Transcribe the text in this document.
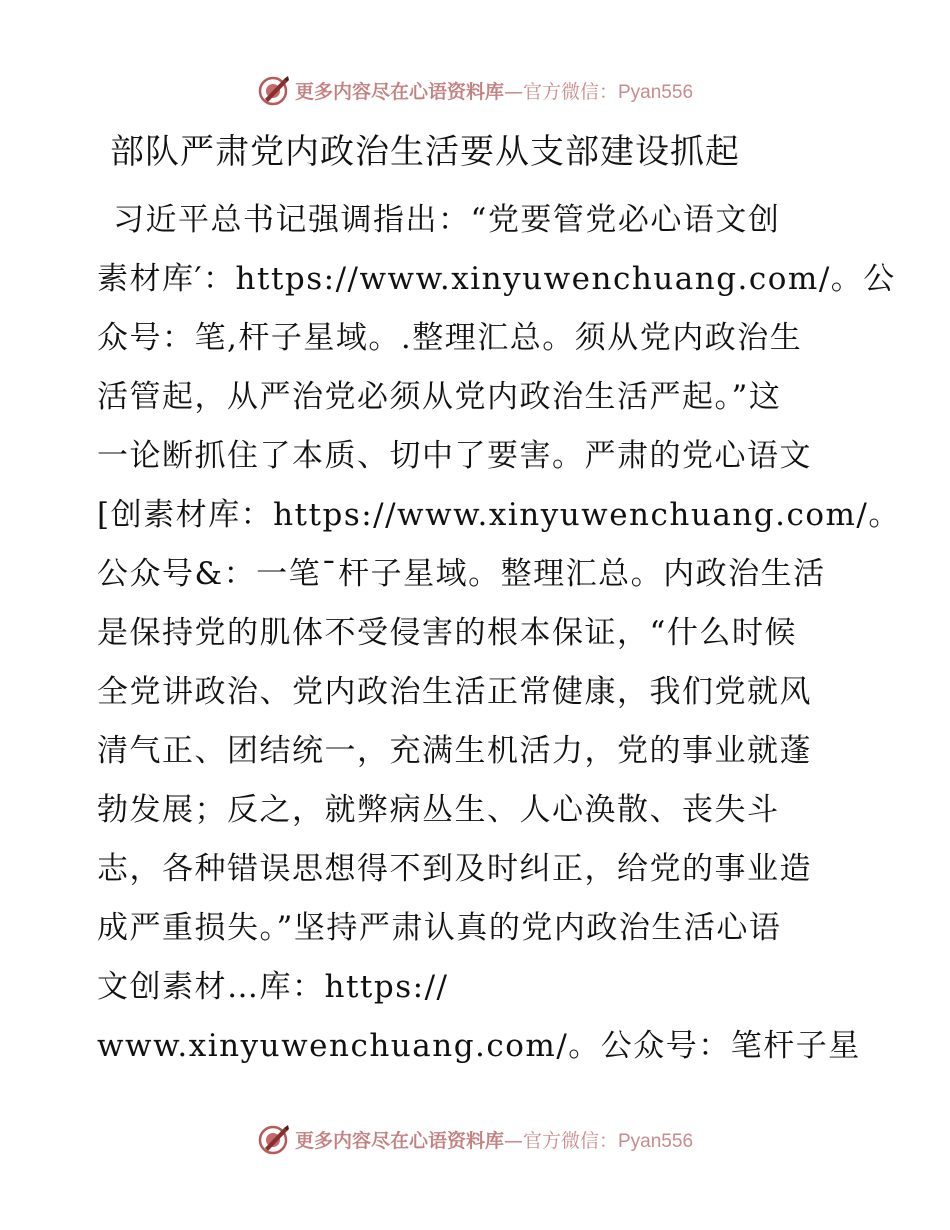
更多内容尽在心语资料库—官方微信：Pyan556
部队严肃党内政治生活要从支部建设抓起
习近平总书记强调指出：“党要管党必心语文创
素材库′：https://www.xinyuwenchuang.com/。公
众号：笔,杆子星域。.整理汇总。须从党内政治生
活管起，从严治党必须从党内政治生活严起。”这
一论断抓住了本质、切中了要害。严肃的党心语文
[创素材库：https://www.xinyuwenchuang.com/。
公众号&：一笔¯杆子星域。整理汇总。内政治生活
是保持党的肌体不受侵害的根本保证，“什么时候
全党讲政治、党内政治生活正常健康，我们党就风
清气正、团结统一，充满生机活力，党的事业就蓬
勃发展；反之，就弊病丛生、人心涣散、丧失斗
志，各种错误思想得不到及时纠正，给党的事业造
成严重损失。”坚持严肃认真的党内政治生活心语
文创素材…库：https://
www.xinyuwenchuang.com/。公众号：笔杆子星
更多内容尽在心语资料库—官方微信：Pyan556
